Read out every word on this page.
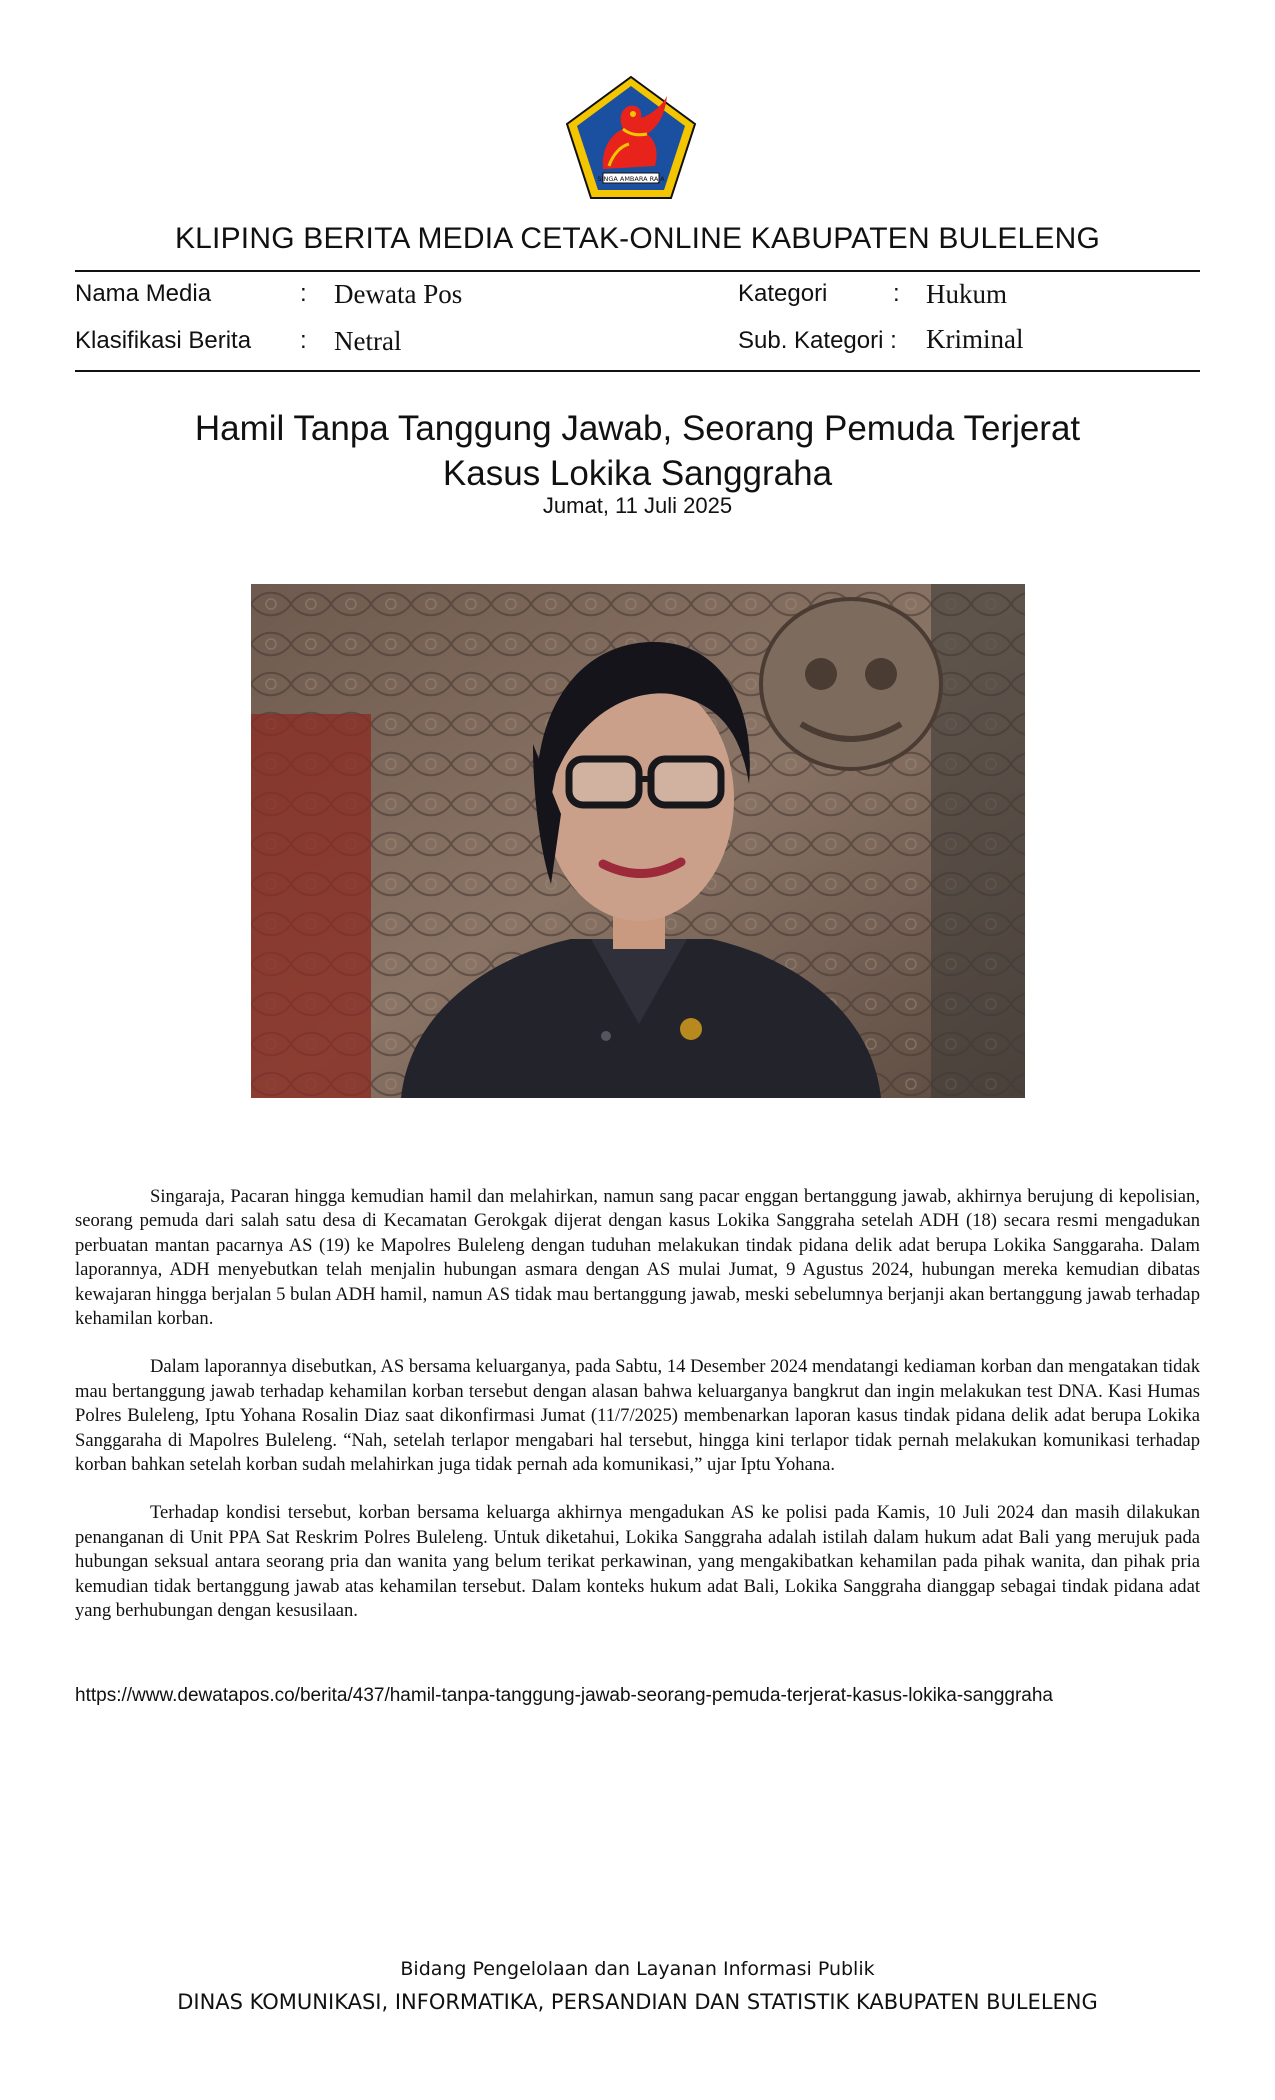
SINGA AMBARA RAJA
KLIPING BERITA MEDIA CETAK-ONLINE KABUPATEN BULELENG
Nama Media	: Dewata Pos
Klasifikasi Berita : Netral
Kategori	: Hukum
Sub. Kategori : Kriminal
Hamil Tanpa Tanggung Jawab, Seorang Pemuda Terjerat
Kasus Lokika Sanggraha
Jumat, 11 Juli 2025

Singaraja, Pacaran hingga kemudian hamil dan melahirkan, namun sang pacar enggan bertanggung jawab, akhirnya berujung di kepolisian, seorang pemuda dari salah satu desa di Kecamatan Gerokgak dijerat dengan kasus Lokika Sanggraha setelah ADH (18) secara resmi mengadukan perbuatan mantan pacarnya AS (19) ke Mapolres Buleleng dengan tuduhan melakukan tindak pidana delik adat berupa Lokika Sanggaraha. Dalam laporannya, ADH menyebutkan telah menjalin hubungan asmara dengan AS mulai Jumat, 9 Agustus 2024, hubungan mereka kemudian dibatas kewajaran hingga berjalan 5 bulan ADH hamil, namun AS tidak mau bertanggung jawab, meski sebelumnya berjanji akan bertanggung jawab terhadap kehamilan korban.

Dalam laporannya disebutkan, AS bersama keluarganya, pada Sabtu, 14 Desember 2024 mendatangi kediaman korban dan mengatakan tidak mau bertanggung jawab terhadap kehamilan korban tersebut dengan alasan bahwa keluarganya bangkrut dan ingin melakukan test DNA. Kasi Humas Polres Buleleng, Iptu Yohana Rosalin Diaz saat dikonfirmasi Jumat (11/7/2025) membenarkan laporan kasus tindak pidana delik adat berupa Lokika Sanggaraha di Mapolres Buleleng. “Nah, setelah terlapor mengabari hal tersebut, hingga kini terlapor tidak pernah melakukan komunikasi terhadap korban bahkan setelah korban sudah melahirkan juga tidak pernah ada komunikasi,” ujar Iptu Yohana.

Terhadap kondisi tersebut, korban bersama keluarga akhirnya mengadukan AS ke polisi pada Kamis, 10 Juli 2024 dan masih dilakukan penanganan di Unit PPA Sat Reskrim Polres Buleleng. Untuk diketahui, Lokika Sanggraha adalah istilah dalam hukum adat Bali yang merujuk pada hubungan seksual antara seorang pria dan wanita yang belum terikat perkawinan, yang mengakibatkan kehamilan pada pihak wanita, dan pihak pria kemudian tidak bertanggung jawab atas kehamilan tersebut. Dalam konteks hukum adat Bali, Lokika Sanggraha dianggap sebagai tindak pidana adat yang berhubungan dengan kesusilaan.

https://www.dewatapos.co/berita/437/hamil-tanpa-tanggung-jawab-seorang-pemuda-terjerat-kasus-lokika-sanggraha
Bidang Pengelolaan dan Layanan Informasi Publik
DINAS KOMUNIKASI, INFORMATIKA, PERSANDIAN DAN STATISTIK KABUPATEN BULELENG
